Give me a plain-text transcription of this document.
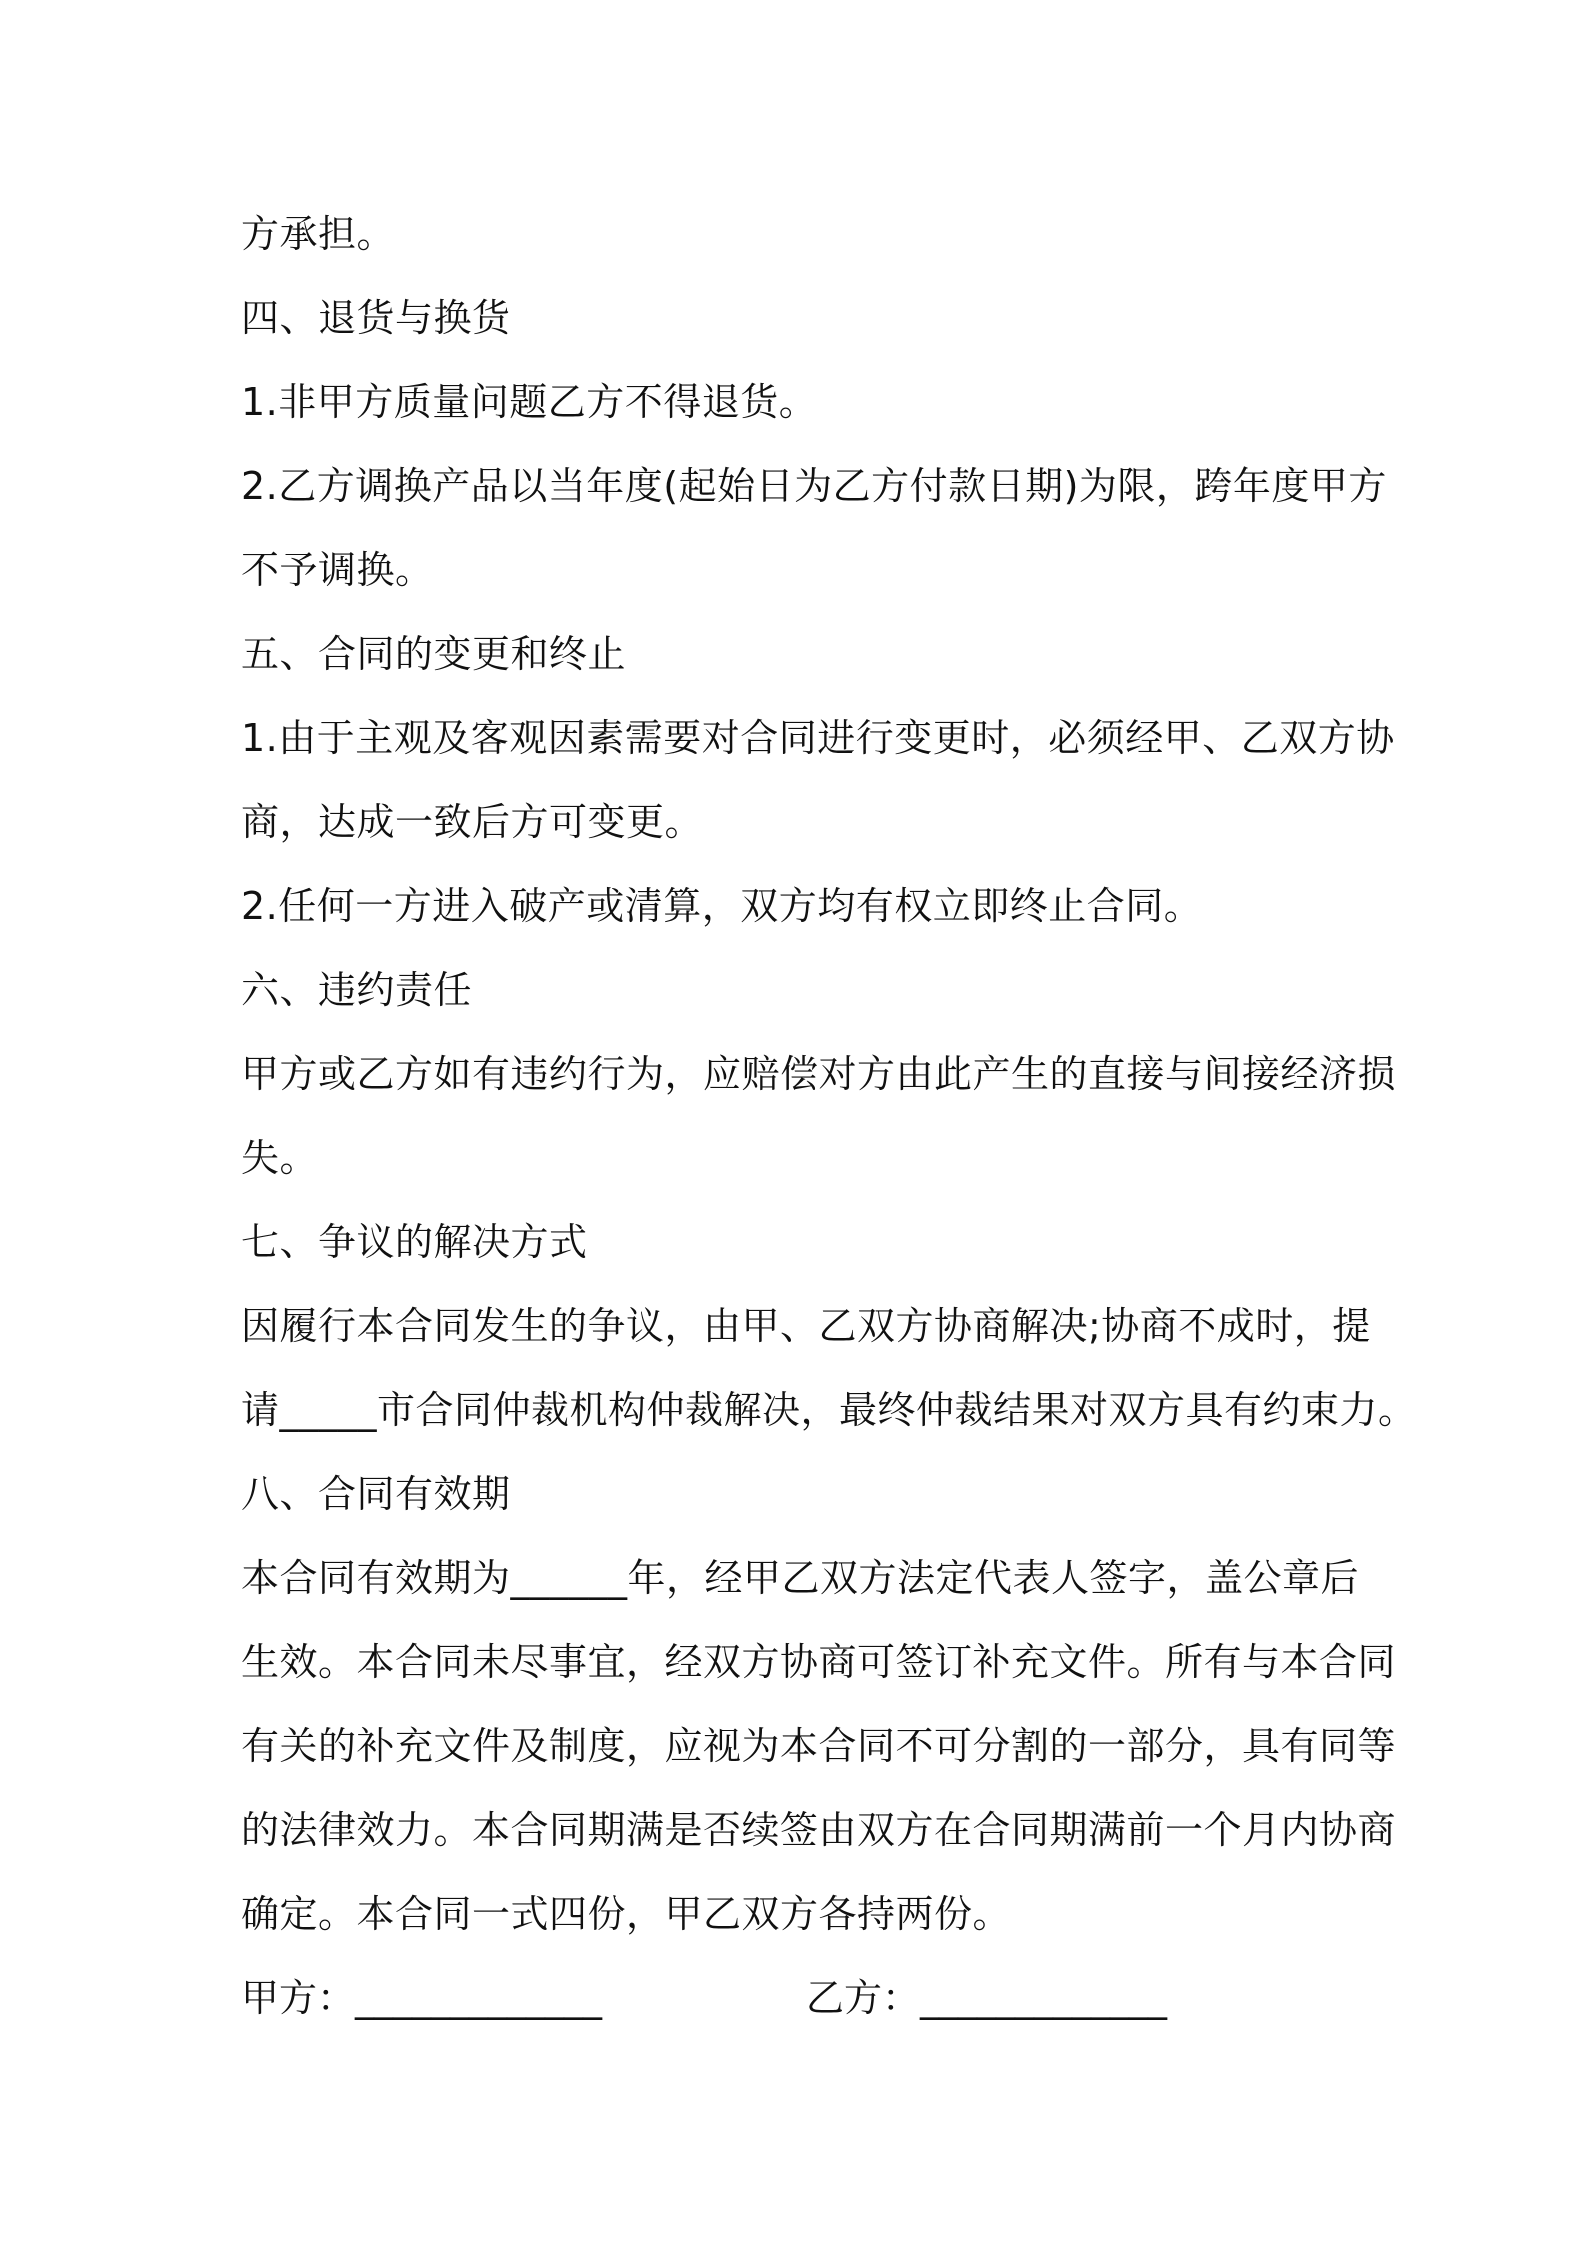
方承担。
四、退货与换货
1.非甲方质量问题乙方不得退货。
2.乙方调换产品以当年度(起始日为乙方付款日期)为限，跨年度甲方
不予调换。
五、合同的变更和终止
1.由于主观及客观因素需要对合同进行变更时，必须经甲、乙双方协
商，达成一致后方可变更。
2.任何一方进入破产或清算，双方均有权立即终止合同。
六、违约责任
甲方或乙方如有违约行为，应赔偿对方由此产生的直接与间接经济损
失。
七、争议的解决方式
因履行本合同发生的争议，由甲、乙双方协商解决;协商不成时，提
请_____市合同仲裁机构仲裁解决，最终仲裁结果对双方具有约束力。
八、合同有效期
本合同有效期为______年，经甲乙双方法定代表人签字，盖公章后
生效。本合同未尽事宜，经双方协商可签订补充文件。所有与本合同
有关的补充文件及制度，应视为本合同不可分割的一部分，具有同等
的法律效力。本合同期满是否续签由双方在合同期满前一个月内协商
确定。本合同一式四份，甲乙双方各持两份。
甲方：_____________	乙方：_____________
